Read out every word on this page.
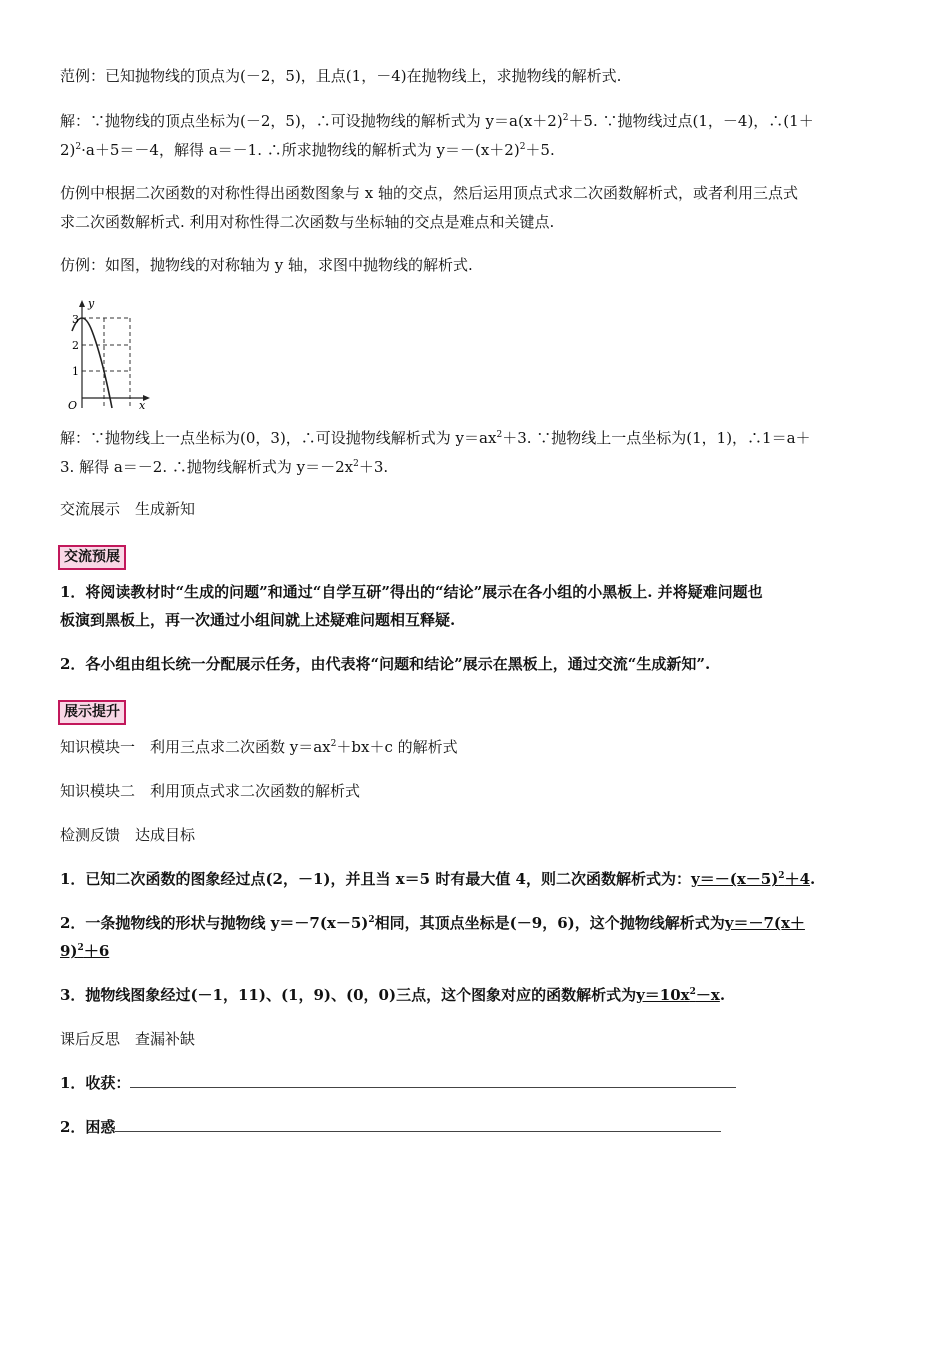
范例：已知抛物线的顶点为(－2，5)，且点(1，－4)在抛物线上，求抛物线的解析式.
解：∵抛物线的顶点坐标为(－2，5)，∴可设抛物线的解析式为 $y=a(x+2)^2+5$. ∵抛物线过点(1，－4)，∴(1＋
2)$^2$·a＋5＝－4，解得 a＝－1. ∴所求抛物线的解析式为 $y=-(x+2)^2+5$.
仿例中根据二次函数的对称性得出函数图象与 x 轴的交点，然后运用顶点式求二次函数解析式，或者利用三点式
求二次函数解析式. 利用对称性得二次函数与坐标轴的交点是难点和关键点.
仿例：如图，抛物线的对称轴为 y 轴，求图中抛物线的解析式.
y
x
O
1
2
3
解：∵抛物线上一点坐标为(0，3)，∴可设抛物线解析式为 $y=ax^2+3$. ∵抛物线上一点坐标为(1，1)，∴1＝a＋
3. 解得 a＝－2. ∴抛物线解析式为 $y=-2x^2+3$.
交流展示　生成新知
交流预展
1．将阅读教材时“生成的问题”和通过“自学互研”得出的“结论”展示在各小组的小黑板上. 并将疑难问题也
板演到黑板上，再一次通过小组间就上述疑难问题相互释疑.
2．各小组由组长统一分配展示任务，由代表将“问题和结论”展示在黑板上，通过交流“生成新知”.
展示提升
知识模块一　利用三点求二次函数 $y=ax^2+bx+c$ 的解析式
知识模块二　利用顶点式求二次函数的解析式
检测反馈　达成目标
1．已知二次函数的图象经过点(2，－1)，并且当 x＝5 时有最大值 4，则二次函数解析式为：$y=-(x-5)^2+4$.
2．一条抛物线的形状与抛物线 $y=-7(x-5)^2$相同，其顶点坐标是(－9，6)，这个抛物线解析式为y＝－7(x＋
9)$^2$＋6
3．抛物线图象经过(－1，11)、(1，9)、(0，0)三点，这个图象对应的函数解析式为$y=10x^2-x$.
课后反思　查漏补缺
1．收获：
2．困惑
